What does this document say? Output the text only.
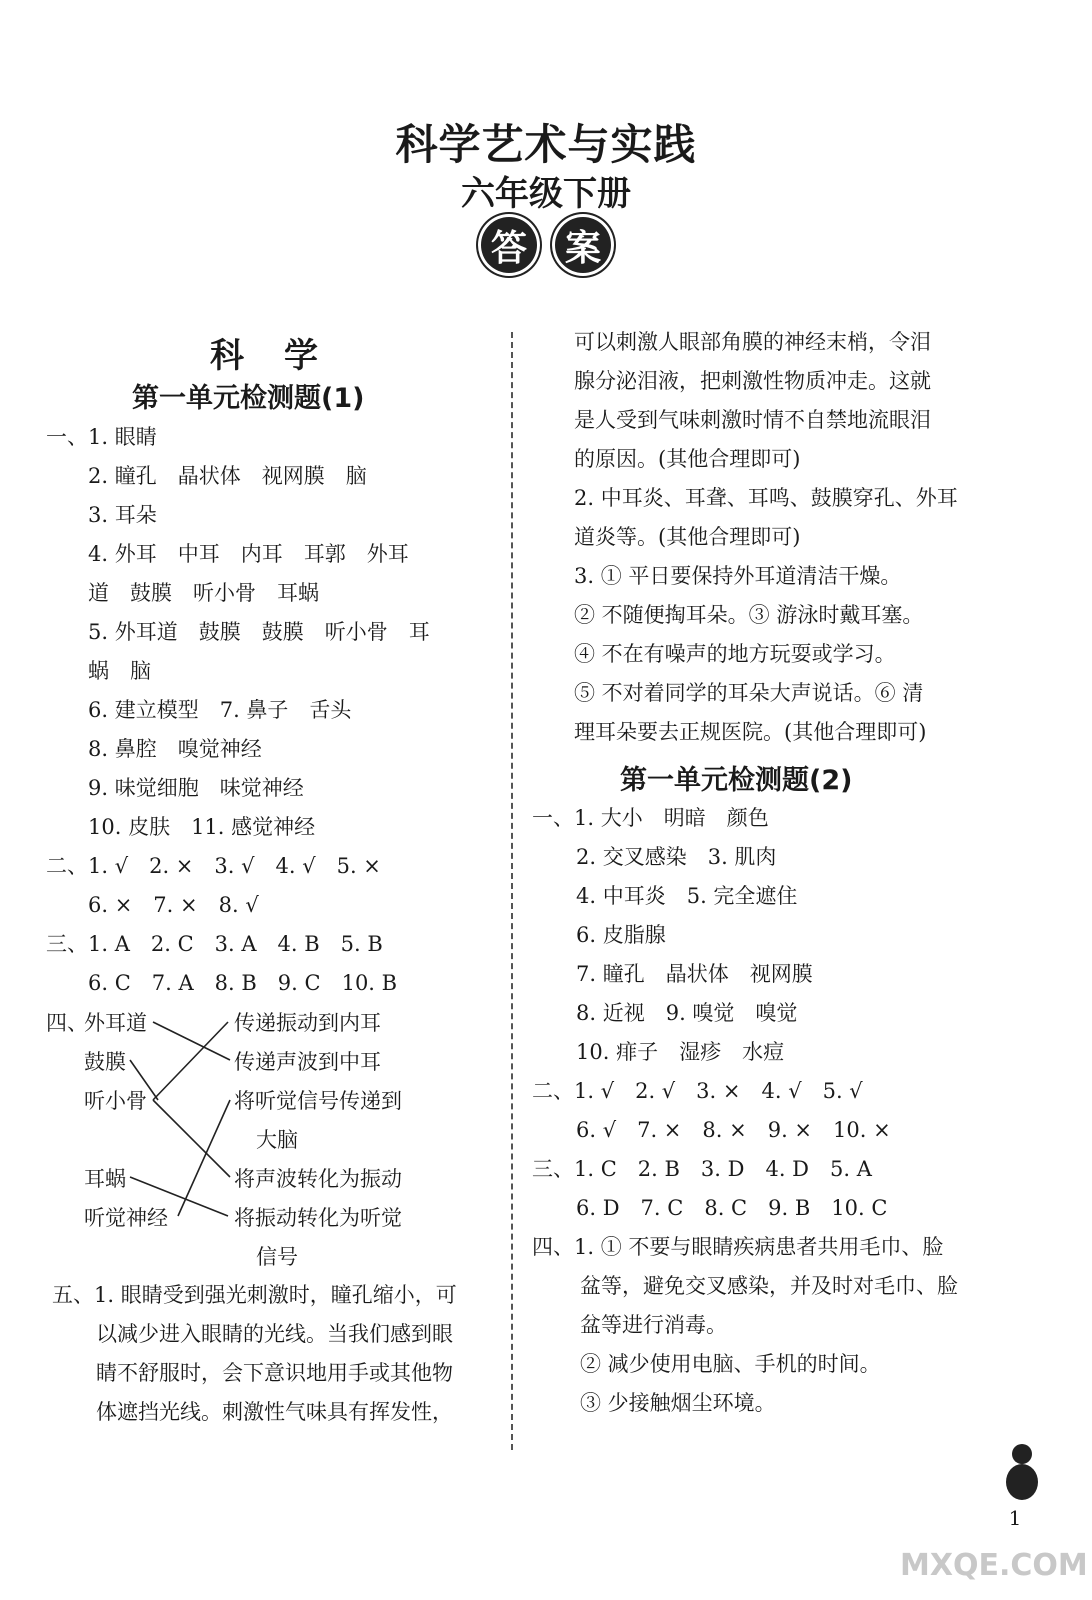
科学艺术与实践
六年级下册
答	案
科学
第一单元检测题(1)
一、1. 眼睛
2. 瞳孔　晶状体　视网膜　脑
3. 耳朵
4. 外耳　中耳　内耳　耳郭　外耳
道　鼓膜　听小骨　耳蜗
5. 外耳道　鼓膜　鼓膜　听小骨　耳
蜗　脑
6. 建立模型　7. 鼻子　舌头
8. 鼻腔　嗅觉神经
9. 味觉细胞　味觉神经
10. 皮肤　11. 感觉神经
二、1. √　2. ×　3. √　4. √　5. ×
6. ×　7. ×　8. √
三、1. A　2. C　3. A　4. B　5. B
6. C　7. A　8. B　9. C　10. B
四、
外耳道
鼓膜
听小骨
耳蜗
听觉神经
传递振动到内耳
传递声波到中耳
将听觉信号传递到
大脑
将声波转化为振动
将振动转化为听觉
信号
五、1. 眼睛受到强光刺激时，瞳孔缩小，可
以减少进入眼睛的光线。当我们感到眼
睛不舒服时，会下意识地用手或其他物
体遮挡光线。刺激性气味具有挥发性，
可以刺激人眼部角膜的神经末梢，令泪
腺分泌泪液，把刺激性物质冲走。这就
是人受到气味刺激时情不自禁地流眼泪
的原因。(其他合理即可)
2. 中耳炎、耳聋、耳鸣、鼓膜穿孔、外耳
道炎等。(其他合理即可)
3. ① 平日要保持外耳道清洁干燥。
② 不随便掏耳朵。③ 游泳时戴耳塞。
④ 不在有噪声的地方玩耍或学习。
⑤ 不对着同学的耳朵大声说话。⑥ 清
理耳朵要去正规医院。(其他合理即可)
第一单元检测题(2)
一、1. 大小　明暗　颜色
2. 交叉感染　3. 肌肉
4. 中耳炎　5. 完全遮住
6. 皮脂腺
7. 瞳孔　晶状体　视网膜
8. 近视　9. 嗅觉　嗅觉
10. 痱子　湿疹　水痘
二、1. √　2. √　3. ×　4. √　5. √
6. √　7. ×　8. ×　9. ×　10. ×
三、1. C　2. B　3. D　4. D　5. A
6. D　7. C　8. C　9. B　10. C
四、1. ① 不要与眼睛疾病患者共用毛巾、脸
盆等，避免交叉感染，并及时对毛巾、脸
盆等进行消毒。
② 减少使用电脑、手机的时间。
③ 少接触烟尘环境。
1
MXQE.COM
